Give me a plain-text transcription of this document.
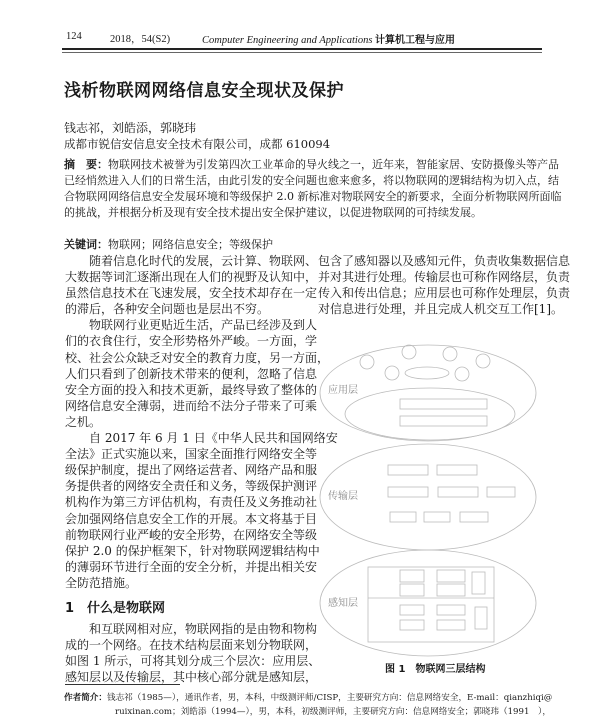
124	2018，54(S2)	Computer Engineering and Applications 计算机工程与应用
浅析物联网网络信息安全现状及保护
钱志祁，刘皓添，郭晓玮
成都市锐信安信息安全技术有限公司，成都 610094
摘　要：物联网技术被誉为引发第四次工业革命的导火线之一，近年来，智能家居、安防摄像头等产品
已经悄然进入人们的日常生活，由此引发的安全问题也愈来愈多，将以物联网的逻辑结构为切入点，结
合物联网网络信息安全发展环境和等级保护 2.0 新标准对物联网安全的新要求，全面分析物联网所面临
的挑战，并根据分析及现有安全技术提出安全保护建议，以促进物联网的可持续发展。
关键词：物联网；网络信息安全；等级保护
随着信息化时代的发展，云计算、物联网、
大数据等词汇逐渐出现在人们的视野及认知中，
虽然信息技术在飞速发展，安全技术却存在一定
的滞后，各种安全问题也是层出不穷。
物联网行业更贴近生活，产品已经涉及到人
们的衣食住行，安全形势格外严峻。一方面，学
校、社会公众缺乏对安全的教育力度，另一方面，
人们只看到了创新技术带来的便利，忽略了信息
安全方面的投入和技术更新，最终导致了整体的
网络信息安全薄弱，进而给不法分子带来了可乘
之机。
自 2017 年 6 月 1 日《中华人民共和国网络安
全法》正式实施以来，国家全面推行网络安全等
级保护制度，提出了网络运营者、网络产品和服
务提供者的网络安全责任和义务，等级保护测评
机构作为第三方评估机构，有责任及义务推动社
会加强网络信息安全工作的开展。本文将基于目
前物联网行业严峻的安全形势，在网络安全等级
保护 2.0 的保护框架下，针对物联网逻辑结构中
的薄弱环节进行全面的安全分析，并提出相关安
全防范措施。
1　什么是物联网
和互联网相对应，物联网指的是由物和物构
成的一个网络。在技术结构层面来划分物联网，
如图 1 所示，可将其划分成三个层次：应用层、
感知层以及传输层，其中核心部分就是感知层，
包含了感知器以及感知元件，负责收集数据信息
并对其进行处理。传输层也可称作网络层，负责
传入和传出信息；应用层也可称作处理层，负责
对信息进行处理，并且完成人机交互工作[1]。
应用层
传输层
感知层
图 1　物联网三层结构
作者简介：钱志祁（1985—），通讯作者，男，本科，中级测评师/CISP，主要研究方向：信息网络安全，E-mail：qianzhiqi@
ruixinan.com；刘皓添（1994—），男，本科，初级测评师，主要研究方向：信息网络安全；郭晓玮（1991　），
